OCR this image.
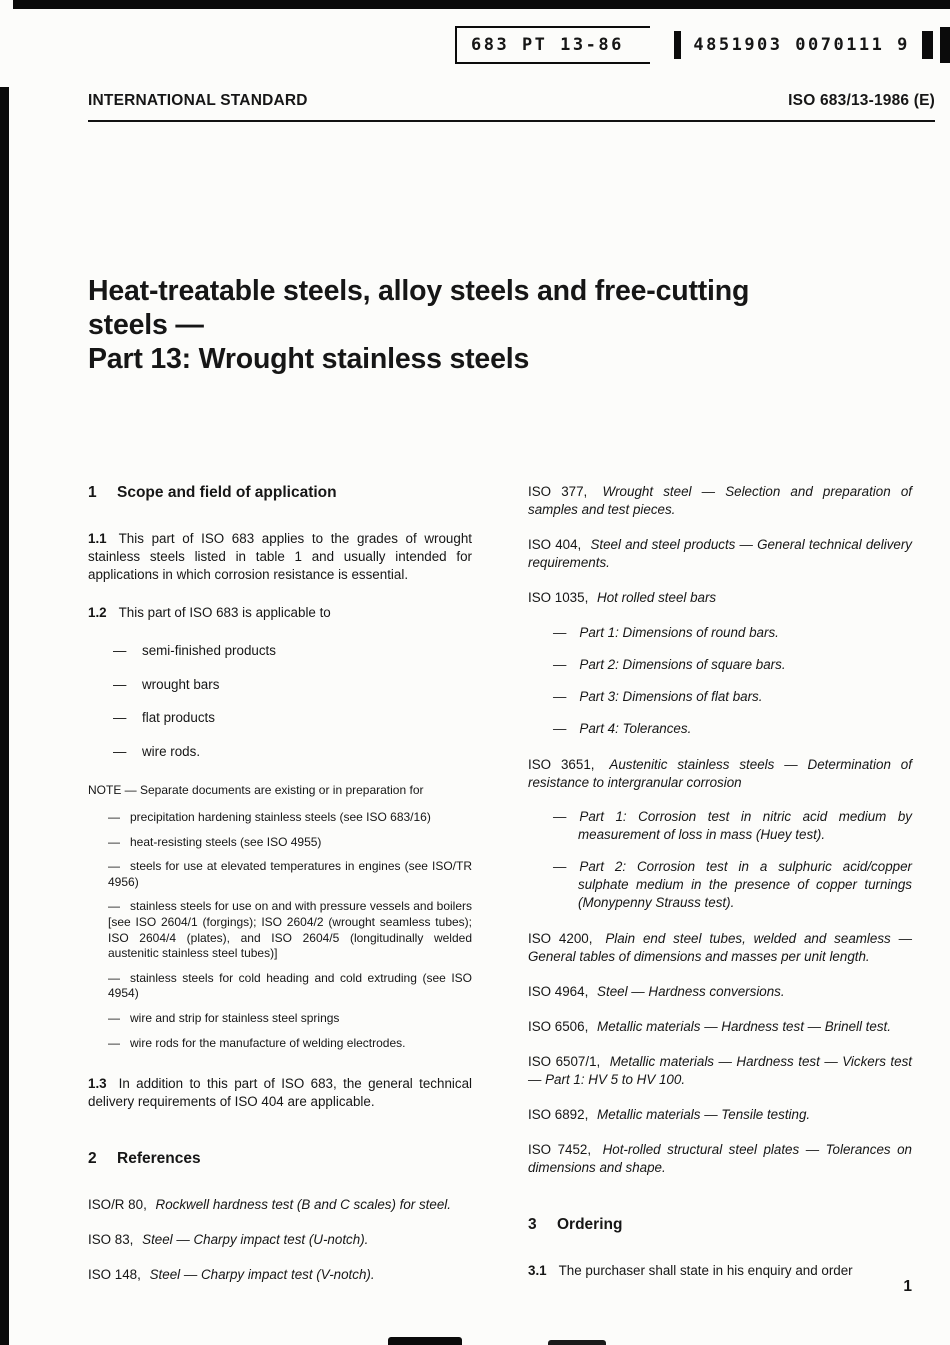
683 PT 13-86	4851903 0070111 9
INTERNATIONAL STANDARD	ISO 683/13-1986 (E)
Heat-treatable steels, alloy steels and free-cutting
steels —
Part 13: Wrought stainless steels
1 Scope and field of application

1.1 This part of ISO 683 applies to the grades of wrought stainless steels listed in table 1 and usually intended for applications in which corrosion resistance is essential.

1.2 This part of ISO 683 is applicable to

— semi-finished products

— wrought bars

— flat products

— wire rods.

NOTE — Separate documents are existing or in preparation for

— precipitation hardening stainless steels (see ISO 683/16)

— heat-resisting steels (see ISO 4955)

— steels for use at elevated temperatures in engines (see ISO/TR 4956)

— stainless steels for use on and with pressure vessels and boilers [see ISO 2604/1 (forgings); ISO 2604/2 (wrought seamless tubes); ISO 2604/4 (plates), and ISO 2604/5 (longitudinally welded austenitic stainless steel tubes)]

— stainless steels for cold heading and cold extruding (see ISO 4954)

— wire and strip for stainless steel springs

— wire rods for the manufacture of welding electrodes.

1.3 In addition to this part of ISO 683, the general technical delivery requirements of ISO 404 are applicable.

2 References

ISO/R 80, Rockwell hardness test (B and C scales) for steel.

ISO 83, Steel — Charpy impact test (U-notch).

ISO 148, Steel — Charpy impact test (V-notch).

ISO 377, Wrought steel — Selection and preparation of samples and test pieces.

ISO 404, Steel and steel products — General technical delivery requirements.

ISO 1035, Hot rolled steel bars

— Part 1: Dimensions of round bars.

— Part 2: Dimensions of square bars.

— Part 3: Dimensions of flat bars.

— Part 4: Tolerances.

ISO 3651, Austenitic stainless steels — Determination of resistance to intergranular corrosion

— Part 1: Corrosion test in nitric acid medium by measurement of loss in mass (Huey test).

— Part 2: Corrosion test in a sulphuric acid/copper sulphate medium in the presence of copper turnings (Monypenny Strauss test).

ISO 4200, Plain end steel tubes, welded and seamless — General tables of dimensions and masses per unit length.

ISO 4964, Steel — Hardness conversions.

ISO 6506, Metallic materials — Hardness test — Brinell test.

ISO 6507/1, Metallic materials — Hardness test — Vickers test — Part 1: HV 5 to HV 100.

ISO 6892, Metallic materials — Tensile testing.

ISO 7452, Hot-rolled structural steel plates — Tolerances on dimensions and shape.

3 Ordering

3.1 The purchaser shall state in his enquiry and order

1
